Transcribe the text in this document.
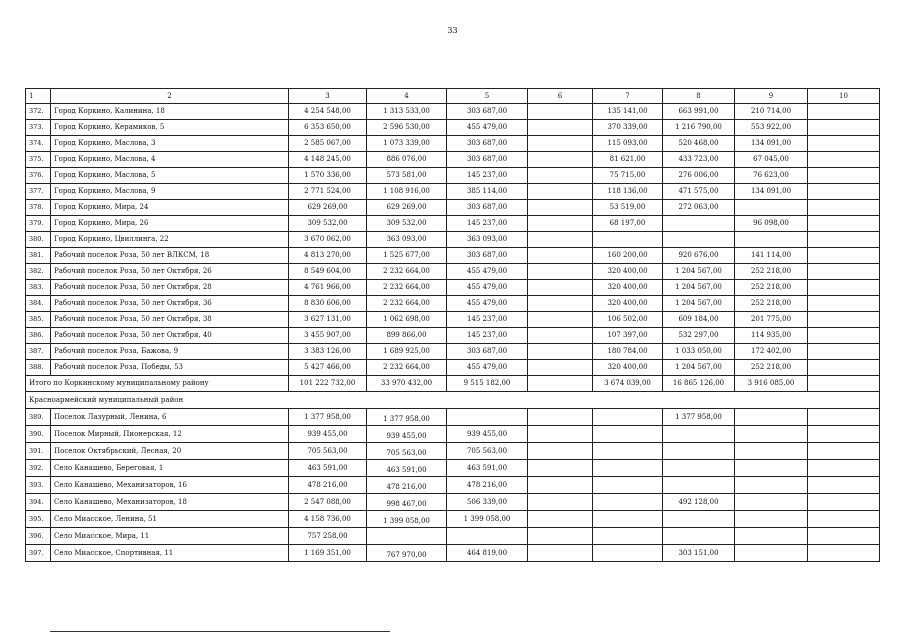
33
1	2	3	4	5	6	7	8	9	10
372.	Город Коркино, Калинина, 18	4 254 548,00	1 313 533,00	303 687,00		135 141,00	663 991,00	210 714,00	
373.	Город Коркино, Керамиков, 5	6 353 650,00	2 596 530,00	455 479,00		370 339,00	1 216 790,00	553 922,00	
374.	Город Коркино, Маслова, 3	2 585 067,00	1 073 339,00	303 687,00		115 093,00	520 468,00	134 091,00	
375.	Город Коркино, Маслова, 4	4 148 245,00	886 076,00	303 687,00		81 621,00	433 723,00	67 045,00	
376.	Город Коркино, Маслова, 5	1 570 336,00	573 581,00	145 237,00		75 715,00	276 006,00	76 623,00	
377.	Город Коркино, Маслова, 9	2 771 524,00	1 108 916,00	385 114,00		118 136,00	471 575,00	134 091,00	
378.	Город Коркино, Мира, 24	629 269,00	629 269,00	303 687,00		53 519,00	272 063,00		
379.	Город Коркино, Мира, 26	309 532,00	309 532,00	145 237,00		68 197,00		96 098,00	
380.	Город Коркино, Цвиллинга, 22	3 670 062,00	363 093,00	363 093,00					
381.	Рабочий поселок Роза, 50 лет ВЛКСМ, 18	4 813 270,00	1 525 677,00	303 687,00		160 200,00	920 676,00	141 114,00	
382.	Рабочий поселок Роза, 50 лет Октября, 26	8 549 604,00	2 232 664,00	455 479,00		320 400,00	1 204 567,00	252 218,00	
383.	Рабочий поселок Роза, 50 лет Октября, 28	4 761 966,00	2 232 664,00	455 479,00		320 400,00	1 204 567,00	252 218,00	
384.	Рабочий поселок Роза, 50 лет Октября, 36	8 830 606,00	2 232 664,00	455 479,00		320 400,00	1 204 567,00	252 218,00	
385.	Рабочий поселок Роза, 50 лет Октября, 38	3 627 131,00	1 062 698,00	145 237,00		106 502,00	609 184,00	201 775,00	
386.	Рабочий поселок Роза, 50 лет Октября, 40	3 455 907,00	899 866,00	145 237,00		107 397,00	532 297,00	114 935,00	
387.	Рабочий поселок Роза, Бажова, 9	3 383 126,00	1 689 925,00	303 687,00		180 784,00	1 033 050,00	172 402,00	
388.	Рабочий поселок Роза, Победы, 53	5 427 466,00	2 232 664,00	455 479,00		320 400,00	1 204 567,00	252 218,00	
Итого по Коркинскому муниципальному району		101 222 732,00	33 970 432,00	9 515 182,00		3 674 039,00	16 865 126,00	3 916 085,00	
Красноармейский муниципальный район									
389.	Поселок Лазурный, Ленина, 6	1 377 958,00	1 377 958,00				1 377 958,00		
390.	Поселок Мирный, Пионерская, 12	939 455,00	939 455,00	939 455,00					
391.	Поселок Октябрьский, Лесная, 20	705 563,00	705 563,00	705 563,00					
392.	Село Канашево, Береговая, 1	463 591,00	463 591,00	463 591,00					
393.	Село Канашево, Механизаторов, 16	478 216,00	478 216,00	478 216,00					
394.	Село Канашево, Механизаторов, 18	2 547 088,00	998 467,00	506 339,00			492 128,00		
395.	Село Миасское, Ленина, 51	4 158 736,00	1 399 058,00	1 399 058,00					
396.	Село Миасское, Мира, 11	757 258,00							
397.	Село Миасское, Спортивная, 11	1 169 351,00	767 970,00	464 819,00			303 151,00		
